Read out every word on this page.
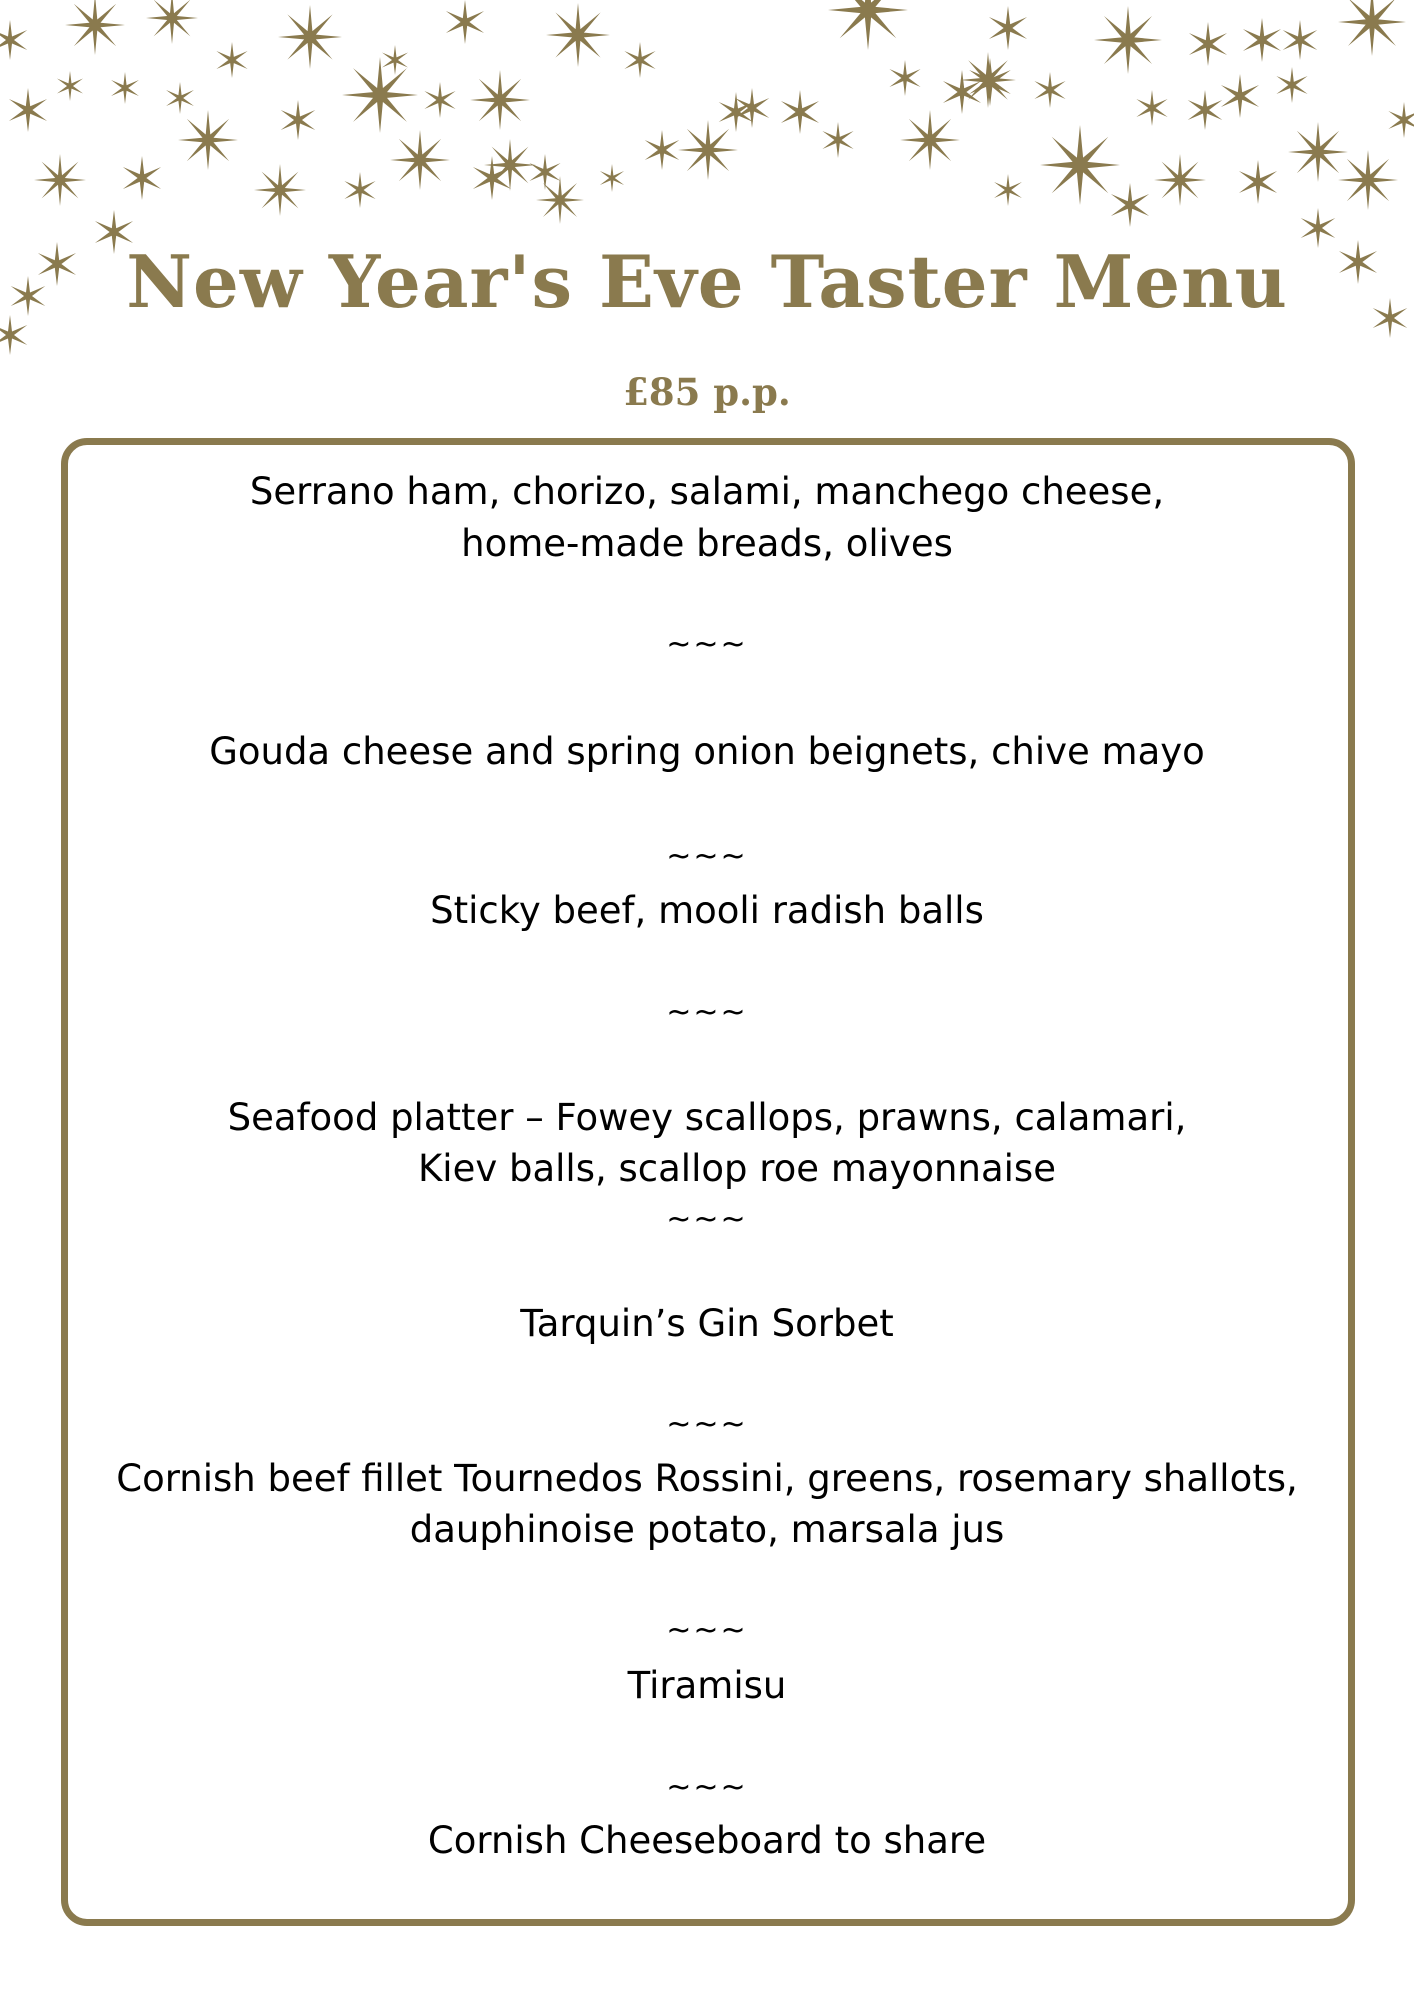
New Year's Eve Taster Menu
£85 p.p.
Serrano ham, chorizo, salami, manchego cheese,
home-made breads, olives
~~~
Gouda cheese and spring onion beignets, chive mayo
~~~
Sticky beef, mooli radish balls
~~~
Seafood platter – Fowey scallops, prawns, calamari,
Kiev balls, scallop roe mayonnaise
~~~
Tarquin’s Gin Sorbet
~~~
Cornish beef fillet Tournedos Rossini, greens, rosemary shallots,
dauphinoise potato, marsala jus
~~~
Tiramisu
~~~
Cornish Cheeseboard to share
